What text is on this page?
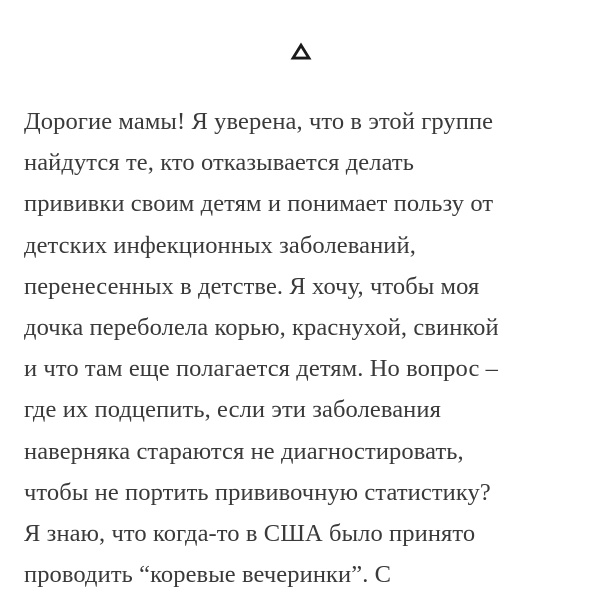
Дорогие мамы! Я уверена, что в этой группе
найдутся те, кто отказывается делать
прививки своим детям и понимает пользу от
детских инфекционных заболеваний,
перенесенных в детстве. Я хочу, чтобы моя
дочка переболела корью, краснухой, свинкой
и что там еще полагается детям. Но вопрос –
где их подцепить, если эти заболевания
наверняка стараются не диагностировать,
чтобы не портить прививочную статистику?
Я знаю, что когда-то в США было принято
проводить “коревые вечеринки”. С
